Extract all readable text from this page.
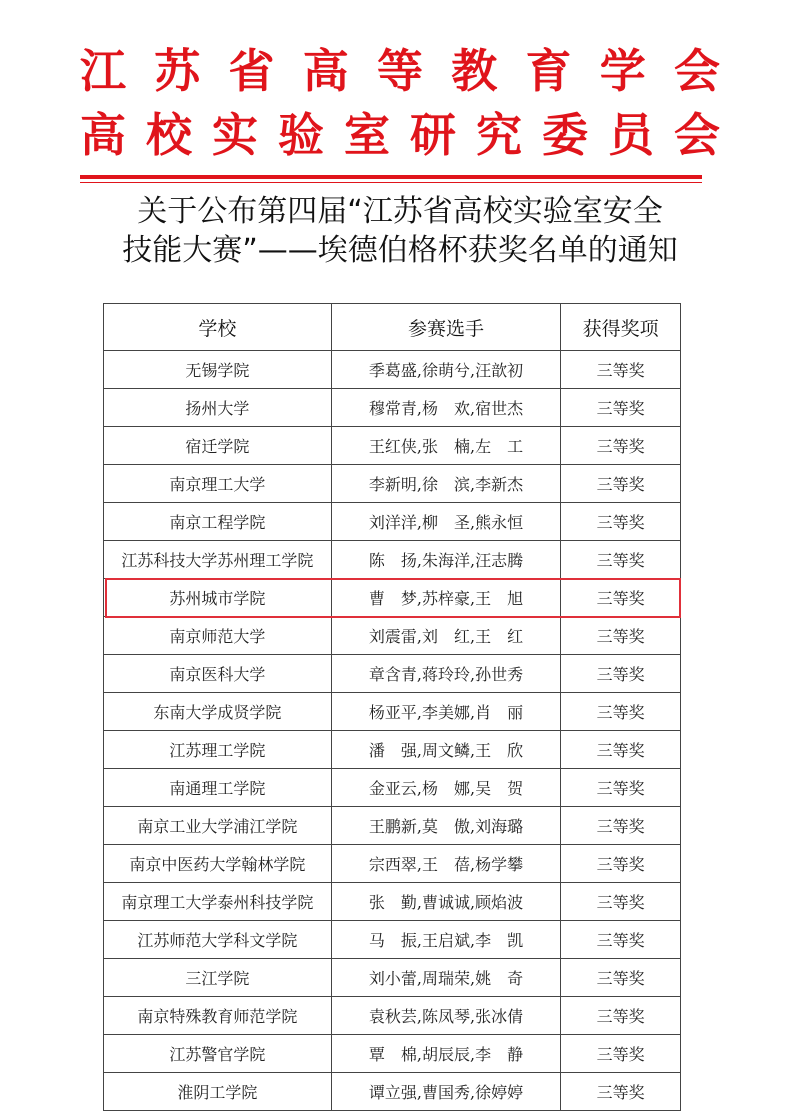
江 苏 省 高 等 教 育 学 会
高 校 实 验 室 研 究 委 员 会
关于公布第四届“江苏省高校实验室安全
技能大赛”——埃德伯格杯获奖名单的通知
学校	参赛选手	获得奖项
无锡学院	季葛盛,徐萌兮,汪歆初	三等奖
扬州大学	穆常青,杨　欢,宿世杰	三等奖
宿迁学院	王红侠,张　楠,左　工	三等奖
南京理工大学	李新明,徐　滨,李新杰	三等奖
南京工程学院	刘洋洋,柳　圣,熊永恒	三等奖
江苏科技大学苏州理工学院	陈　扬,朱海洋,汪志腾	三等奖
苏州城市学院	曹　梦,苏梓豪,王　旭	三等奖
南京师范大学	刘震雷,刘　红,王　红	三等奖
南京医科大学	章含青,蒋玲玲,孙世秀	三等奖
东南大学成贤学院	杨亚平,李美娜,肖　丽	三等奖
江苏理工学院	潘　强,周文鳞,王　欣	三等奖
南通理工学院	金亚云,杨　娜,吴　贺	三等奖
南京工业大学浦江学院	王鹏新,莫　傲,刘海璐	三等奖
南京中医药大学翰林学院	宗西翠,王　蓓,杨学攀	三等奖
南京理工大学泰州科技学院	张　勤,曹诚诚,顾焰波	三等奖
江苏师范大学科文学院	马　振,王启斌,李　凯	三等奖
三江学院	刘小蕾,周瑞荣,姚　奇	三等奖
南京特殊教育师范学院	袁秋芸,陈凤琴,张冰倩	三等奖
江苏警官学院	覃　棉,胡辰辰,李　静	三等奖
淮阴工学院	谭立强,曹国秀,徐婷婷	三等奖
